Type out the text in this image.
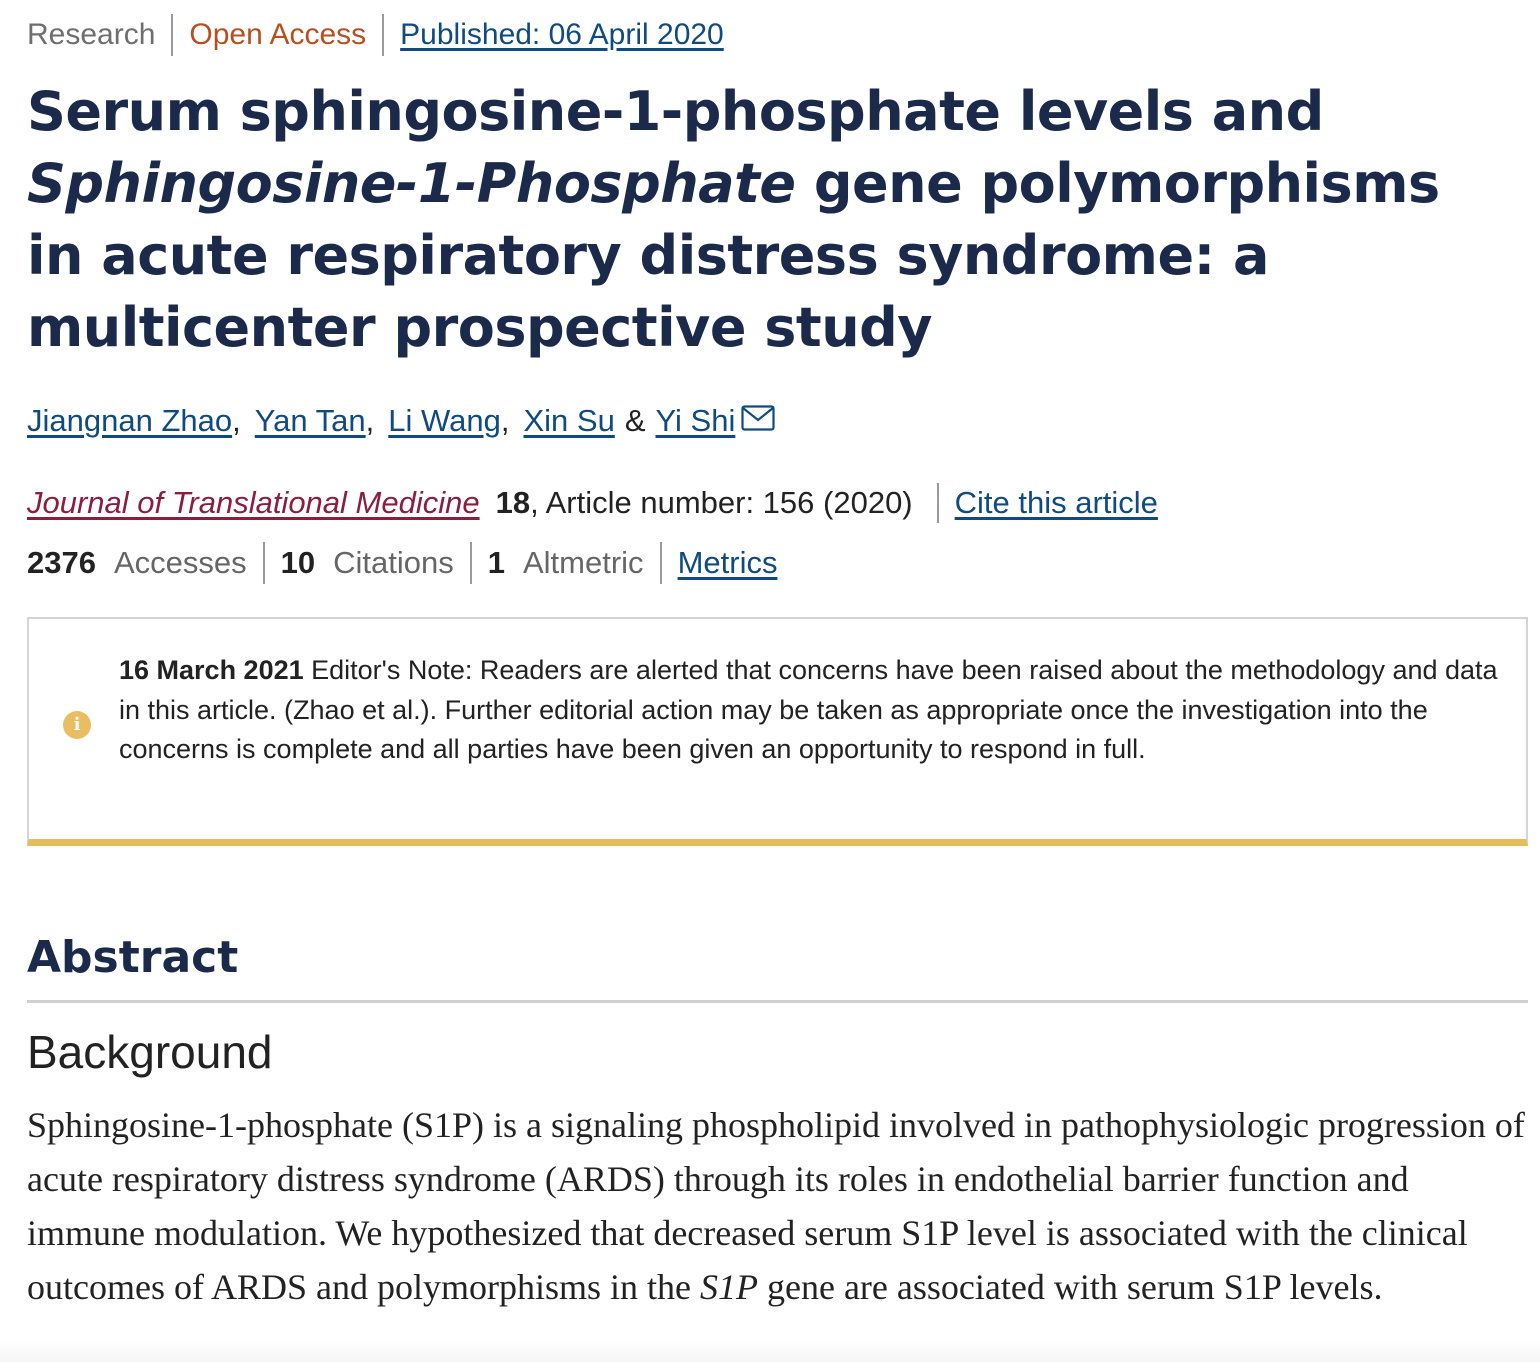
Research Open Access Published: 06 April 2020
Serum sphingosine-1-phosphate levels and
Sphingosine-1-Phosphate gene polymorphisms in acute respiratory distress syndrome: a multicenter prospective study
Jiangnan Zhao , Yan Tan , Li Wang , Xin Su & Yi Shi
Journal of Translational Medicine 18 , Article number: 156 (2020) Cite this article
2376 Accesses 10 Citations 1 Altmetric Metrics
i
16 March 2021 Editor's Note: Readers are alerted that concerns have been raised about the methodology and data in this article. (Zhao et al.). Further editorial action may be taken as appropriate once the investigation into the concerns is complete and all parties have been given an opportunity to respond in full.
Abstract
Background

Sphingosine-1-phosphate (S1P) is a signaling phospholipid involved in pathophysiologic progression of acute respiratory distress syndrome (ARDS) through its roles in endothelial barrier function and immune modulation. We hypothesized that decreased serum S1P level is associated with the clinical outcomes of ARDS and polymorphisms in the S1P gene are associated with serum S1P levels.
